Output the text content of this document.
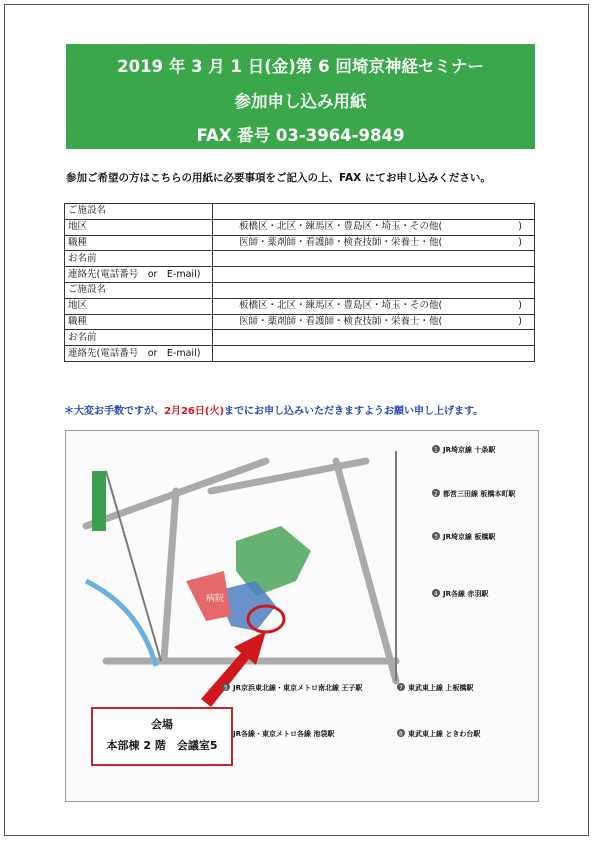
2019 年 3 月 1 日(金)第 6 回埼京神経セミナー
参加申し込み用紙
FAX 番号 03-3964-9849
参加ご希望の方はこちらの用紙に必要事項をご記入の上、FAX にてお申し込みください。
ご施設名	
地区	板橋区・北区・練馬区・豊島区・埼玉・その他(　　　　　　　　)
職種	医師・薬剤師・看護師・検査技師・栄養士・他(　　　　　　　　)
お名前	
連絡先(電話番号　or　E-mail)	
ご施設名	
地区	板橋区・北区・練馬区・豊島区・埼玉・その他(　　　　　　　　)
職種	医師・薬剤師・看護師・検査技師・栄養士・他(　　　　　　　　)
お名前	
連絡先(電話番号　or　E-mail)	
＊大変お手数ですが、2月26日(火)までにお申し込みいただきますようお願い申し上げます。
病院
1 JR埼京線 十条駅
2 都営三田線 板橋本町駅
3 JR埼京線 板橋駅
4 JR各線 赤羽駅
5 JR京浜東北線・東京メトロ南北線 王子駅
JR各線・東京メトロ各線 池袋駅
7 東武東上線 上板橋駅
8 東武東上線 ときわ台駅
会場
本部棟 2 階　会議室5
